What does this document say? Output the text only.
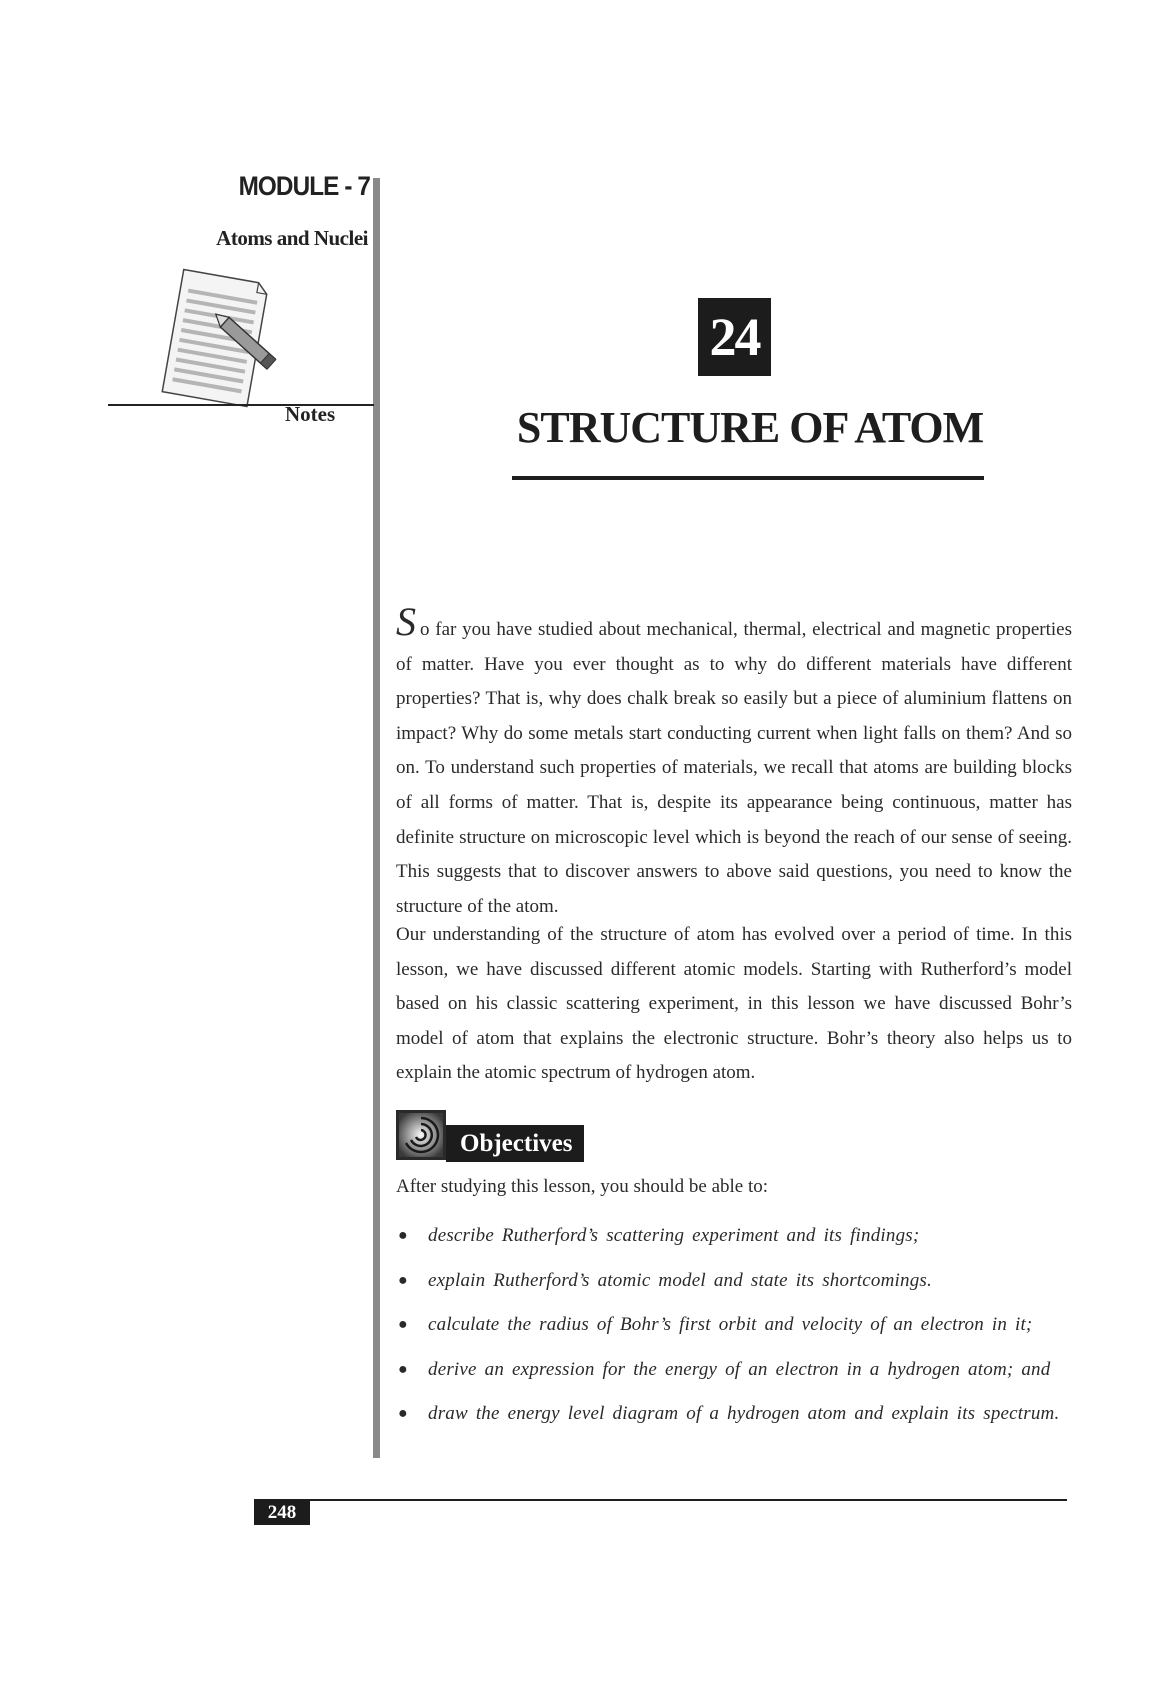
MODULE - 7
Atoms and Nuclei
Notes
24
STRUCTURE OF ATOM
So far you have studied about mechanical, thermal, electrical and magnetic properties of matter. Have you ever thought as to why do different materials have different properties? That is, why does chalk break so easily but a piece of aluminium flattens on impact? Why do some metals start conducting current when light falls on them? And so on. To understand such properties of materials, we recall that atoms are building blocks of all forms of matter. That is, despite its appearance being continuous, matter has definite structure on microscopic level which is beyond the reach of our sense of seeing. This suggests that to discover answers to above said questions, you need to know the structure of the atom.
Our understanding of the structure of atom has evolved over a period of time. In this lesson, we have discussed different atomic models. Starting with Rutherford’s model based on his classic scattering experiment, in this lesson we have discussed Bohr’s model of atom that explains the electronic structure. Bohr’s theory also helps us to explain the atomic spectrum of hydrogen atom.
Objectives
After studying this lesson, you should be able to:
● describe Rutherford’s scattering experiment and its findings;
● explain Rutherford’s atomic model and state its shortcomings.
● calculate the radius of Bohr’s first orbit and velocity of an electron in it;
● derive an expression for the energy of an electron in a hydrogen atom; and
● draw the energy level diagram of a hydrogen atom and explain its spectrum.
248
